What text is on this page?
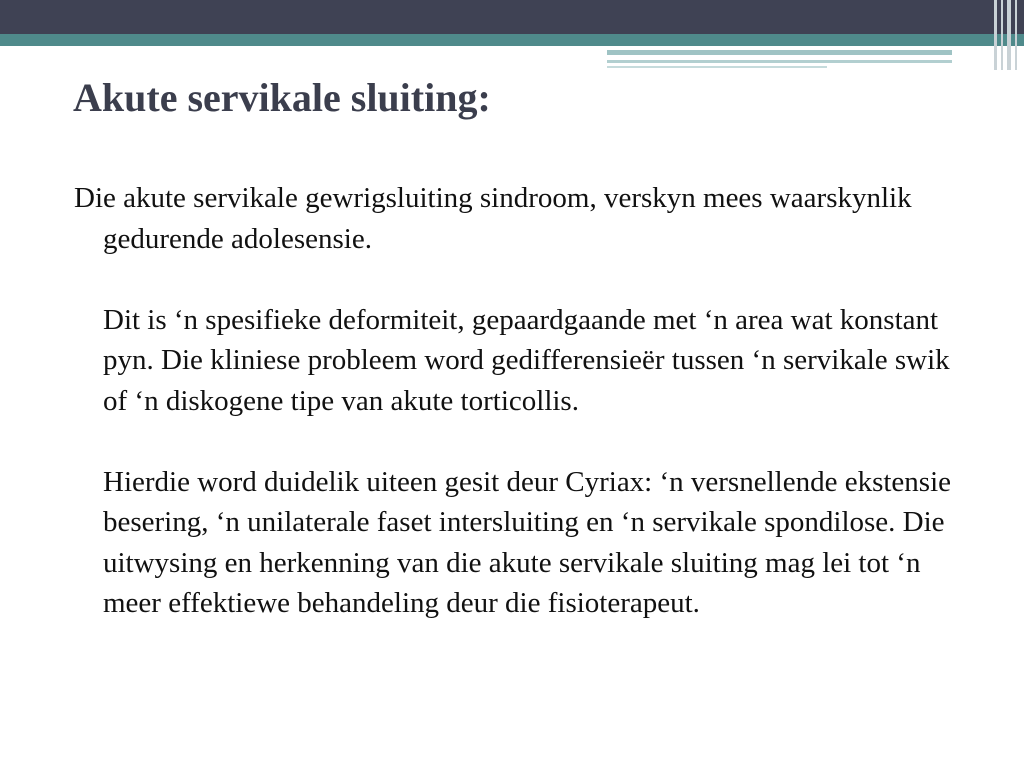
Akute servikale sluiting:

Die akute servikale gewrigsluiting sindroom, verskyn mees waarskynlik gedurende adolesensie.

Dit is ‘n spesifieke deformiteit, gepaardgaande met ‘n area wat konstant pyn. Die kliniese probleem word gedifferensieër tussen ‘n servikale swik of ‘n diskogene tipe van akute torticollis.

Hierdie word duidelik uiteen gesit deur Cyriax: ‘n versnellende ekstensie besering, ‘n unilaterale faset intersluiting en ‘n servikale spondilose. Die uitwysing en herkenning van die akute servikale sluiting mag lei tot ‘n meer effektiewe behandeling deur die fisioterapeut.
